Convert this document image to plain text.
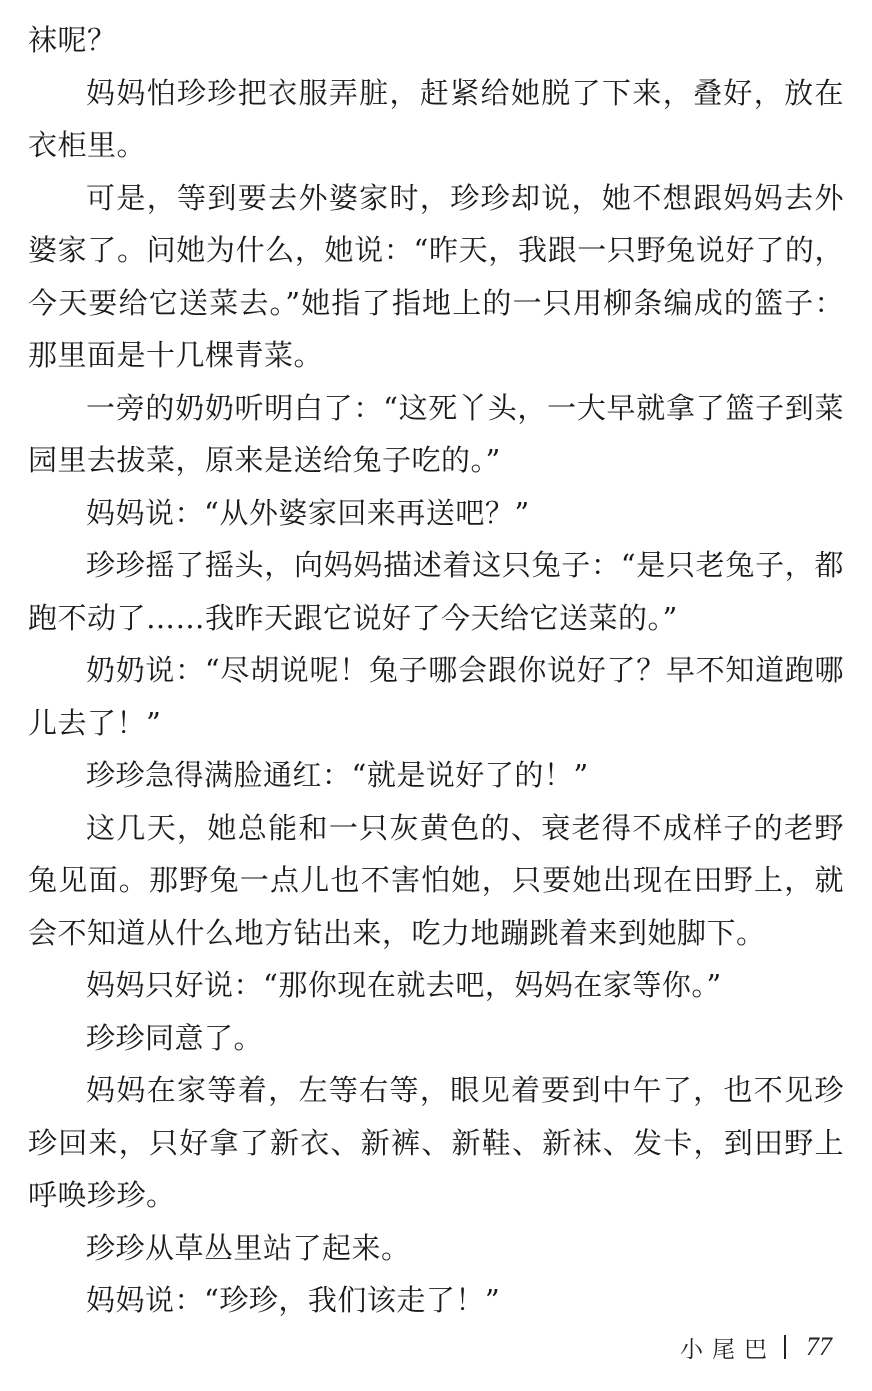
袜呢？

妈妈怕珍珍把衣服弄脏，赶紧给她脱了下来，叠好，放在衣柜里。

可是，等到要去外婆家时，珍珍却说，她不想跟妈妈去外婆家了。问她为什么，她说：“昨天，我跟一只野兔说好了的，今天要给它送菜去。”她指了指地上的一只用柳条编成的篮子：那里面是十几棵青菜。

一旁的奶奶听明白了：“这死丫头，一大早就拿了篮子到菜园里去拔菜，原来是送给兔子吃的。”

妈妈说：“从外婆家回来再送吧？”

珍珍摇了摇头，向妈妈描述着这只兔子：“是只老兔子，都跑不动了……我昨天跟它说好了今天给它送菜的。”

奶奶说：“尽胡说呢！兔子哪会跟你说好了？早不知道跑哪儿去了！”

珍珍急得满脸通红：“就是说好了的！”

这几天，她总能和一只灰黄色的、衰老得不成样子的老野兔见面。那野兔一点儿也不害怕她，只要她出现在田野上，就会不知道从什么地方钻出来，吃力地蹦跳着来到她脚下。

妈妈只好说：“那你现在就去吧，妈妈在家等你。”

珍珍同意了。

妈妈在家等着，左等右等，眼见着要到中午了，也不见珍珍回来，只好拿了新衣、新裤、新鞋、新袜、发卡，到田野上呼唤珍珍。

珍珍从草丛里站了起来。

妈妈说：“珍珍，我们该走了！”

小尾巴 77
